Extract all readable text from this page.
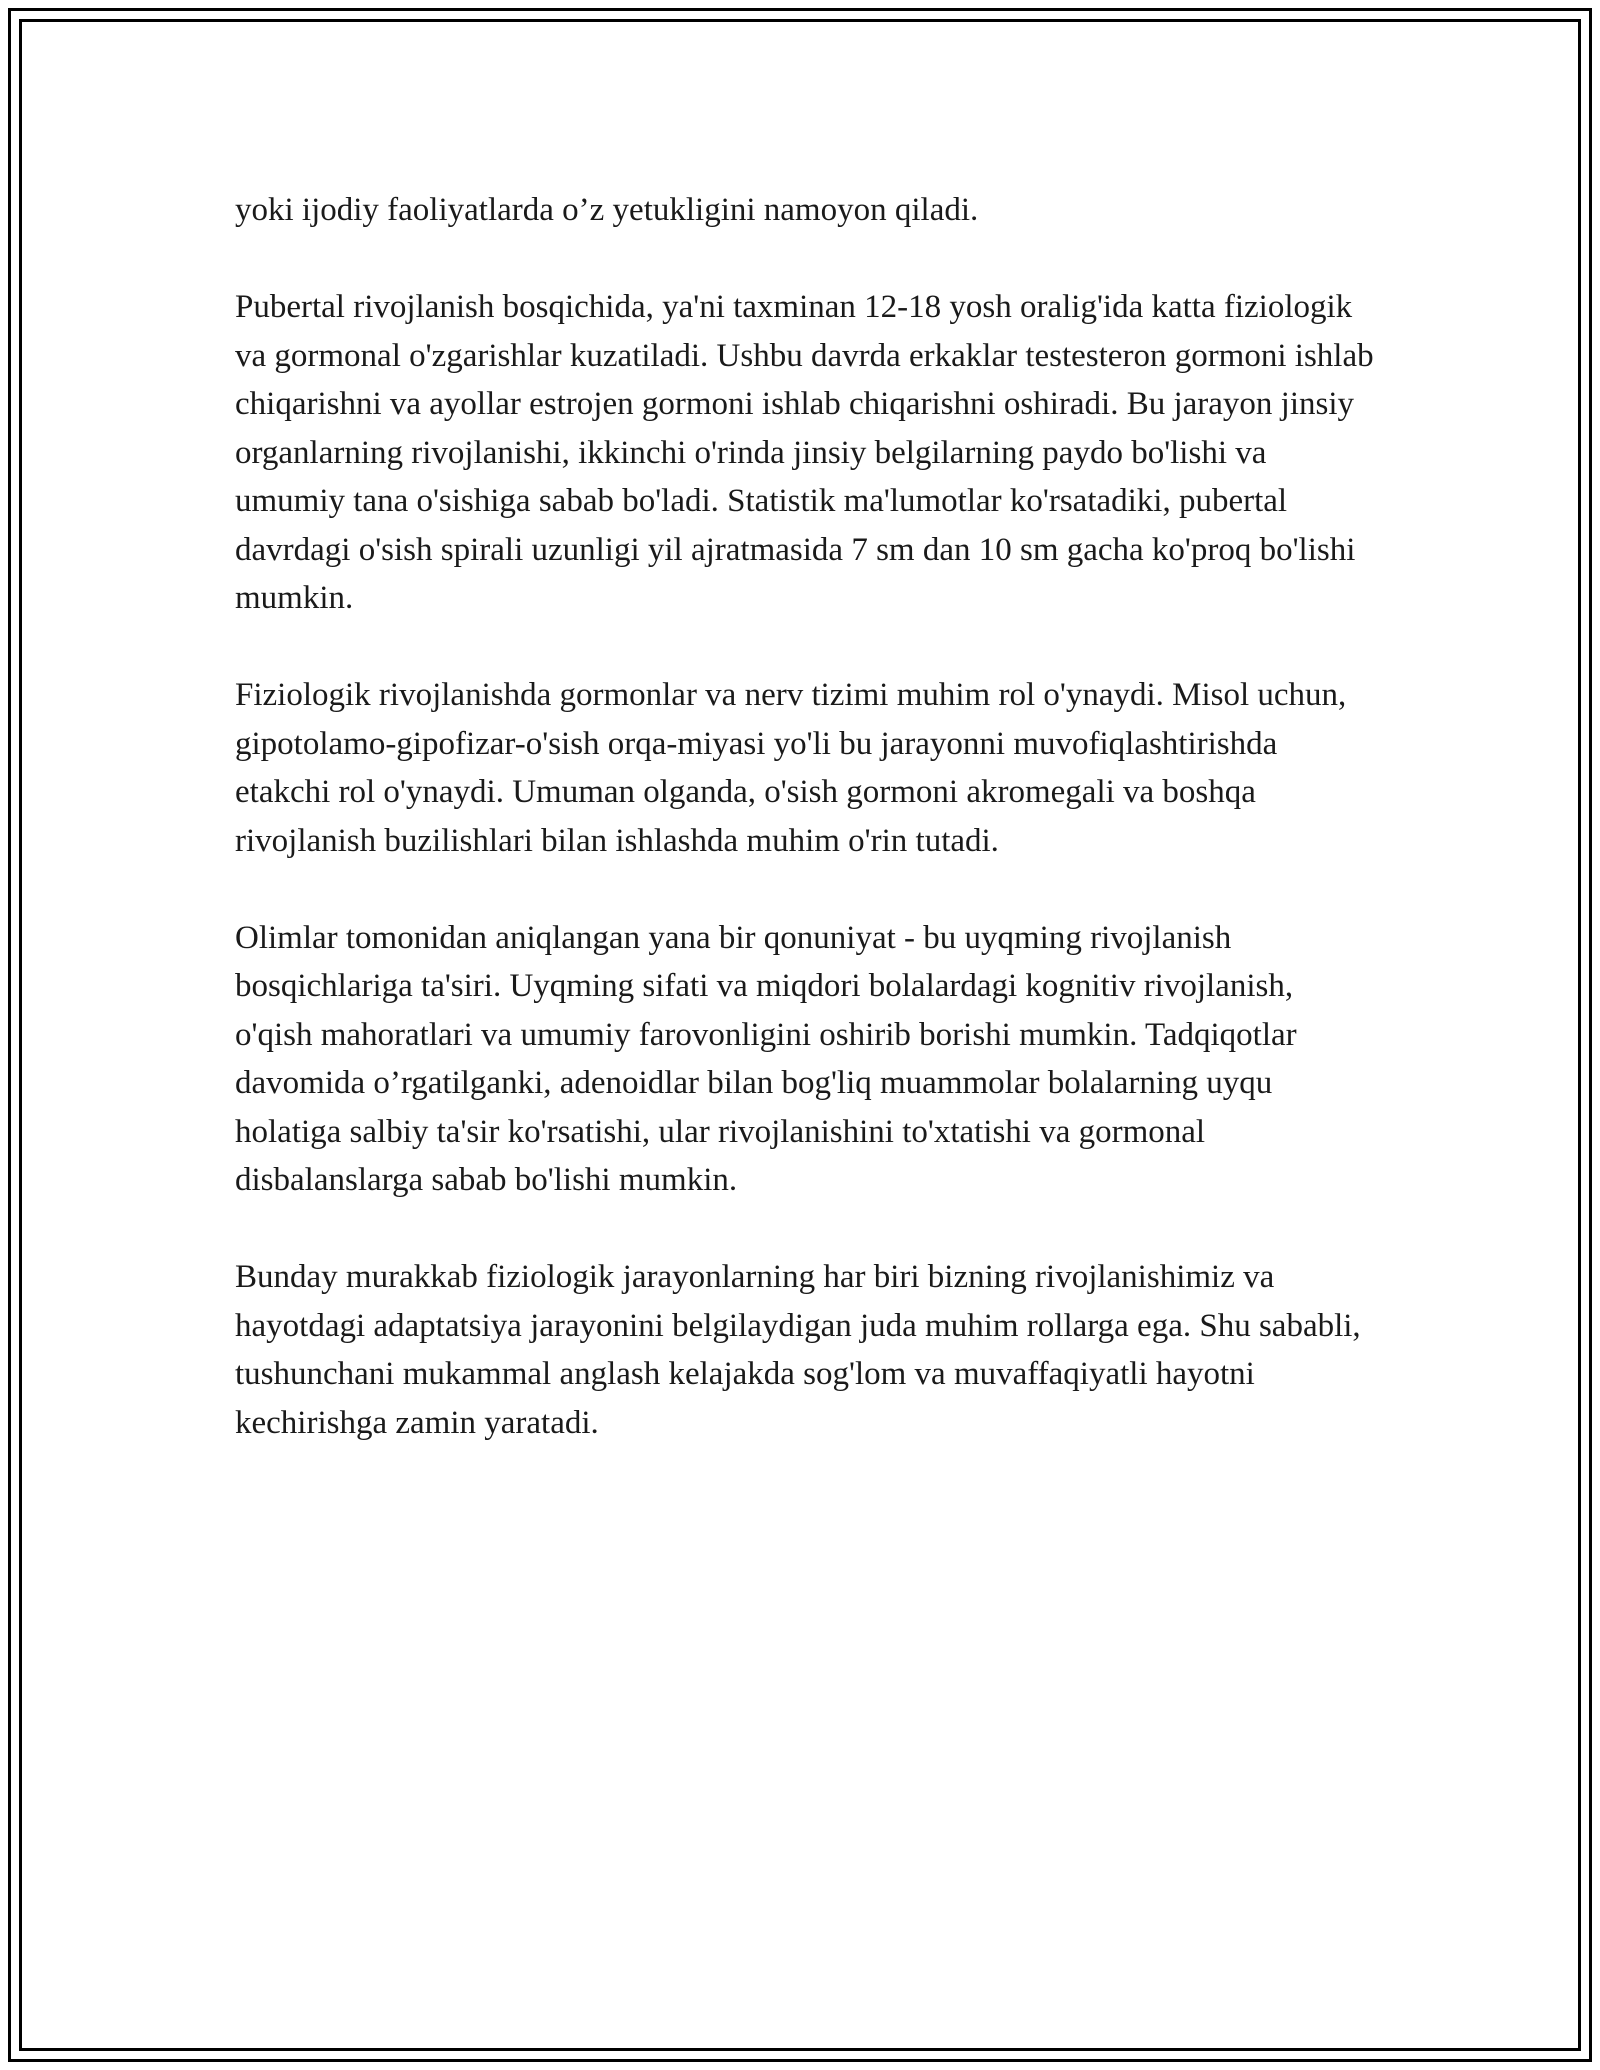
yoki ijodiy faoliyatlarda o’z yetukligini namoyon qiladi.

Pubertal rivojlanish bosqichida, ya'ni taxminan 12-18 yosh oralig'ida katta fiziologik va gormonal o'zgarishlar kuzatiladi. Ushbu davrda erkaklar testesteron gormoni ishlab chiqarishni va ayollar estrojen gormoni ishlab chiqarishni oshiradi. Bu jarayon jinsiy organlarning rivojlanishi, ikkinchi o'rinda jinsiy belgilarning paydo bo'lishi va umumiy tana o'sishiga sabab bo'ladi. Statistik ma'lumotlar ko'rsatadiki, pubertal davrdagi o'sish spirali uzunligi yil ajratmasida 7 sm dan 10 sm gacha ko'proq bo'lishi mumkin.

Fiziologik rivojlanishda gormonlar va nerv tizimi muhim rol o'ynaydi. Misol uchun, gipotolamo-gipofizar-o'sish orqa-miyasi yo'li bu jarayonni muvofiqlashtirishda etakchi rol o'ynaydi. Umuman olganda, o'sish gormoni akromegali va boshqa rivojlanish buzilishlari bilan ishlashda muhim o'rin tutadi.

Olimlar tomonidan aniqlangan yana bir qonuniyat - bu uyqming rivojlanish bosqichlariga ta'siri. Uyqming sifati va miqdori bolalardagi kognitiv rivojlanish, o'qish mahoratlari va umumiy farovonligini oshirib borishi mumkin. Tadqiqotlar davomida o’rgatilganki, adenoidlar bilan bog'liq muammolar bolalarning uyqu holatiga salbiy ta'sir ko'rsatishi, ular rivojlanishini to'xtatishi va gormonal disbalanslarga sabab bo'lishi mumkin.

Bunday murakkab fiziologik jarayonlarning har biri bizning rivojlanishimiz va hayotdagi adaptatsiya jarayonini belgilaydigan juda muhim rollarga ega. Shu sababli, tushunchani mukammal anglash kelajakda sog'lom va muvaffaqiyatli hayotni kechirishga zamin yaratadi.
